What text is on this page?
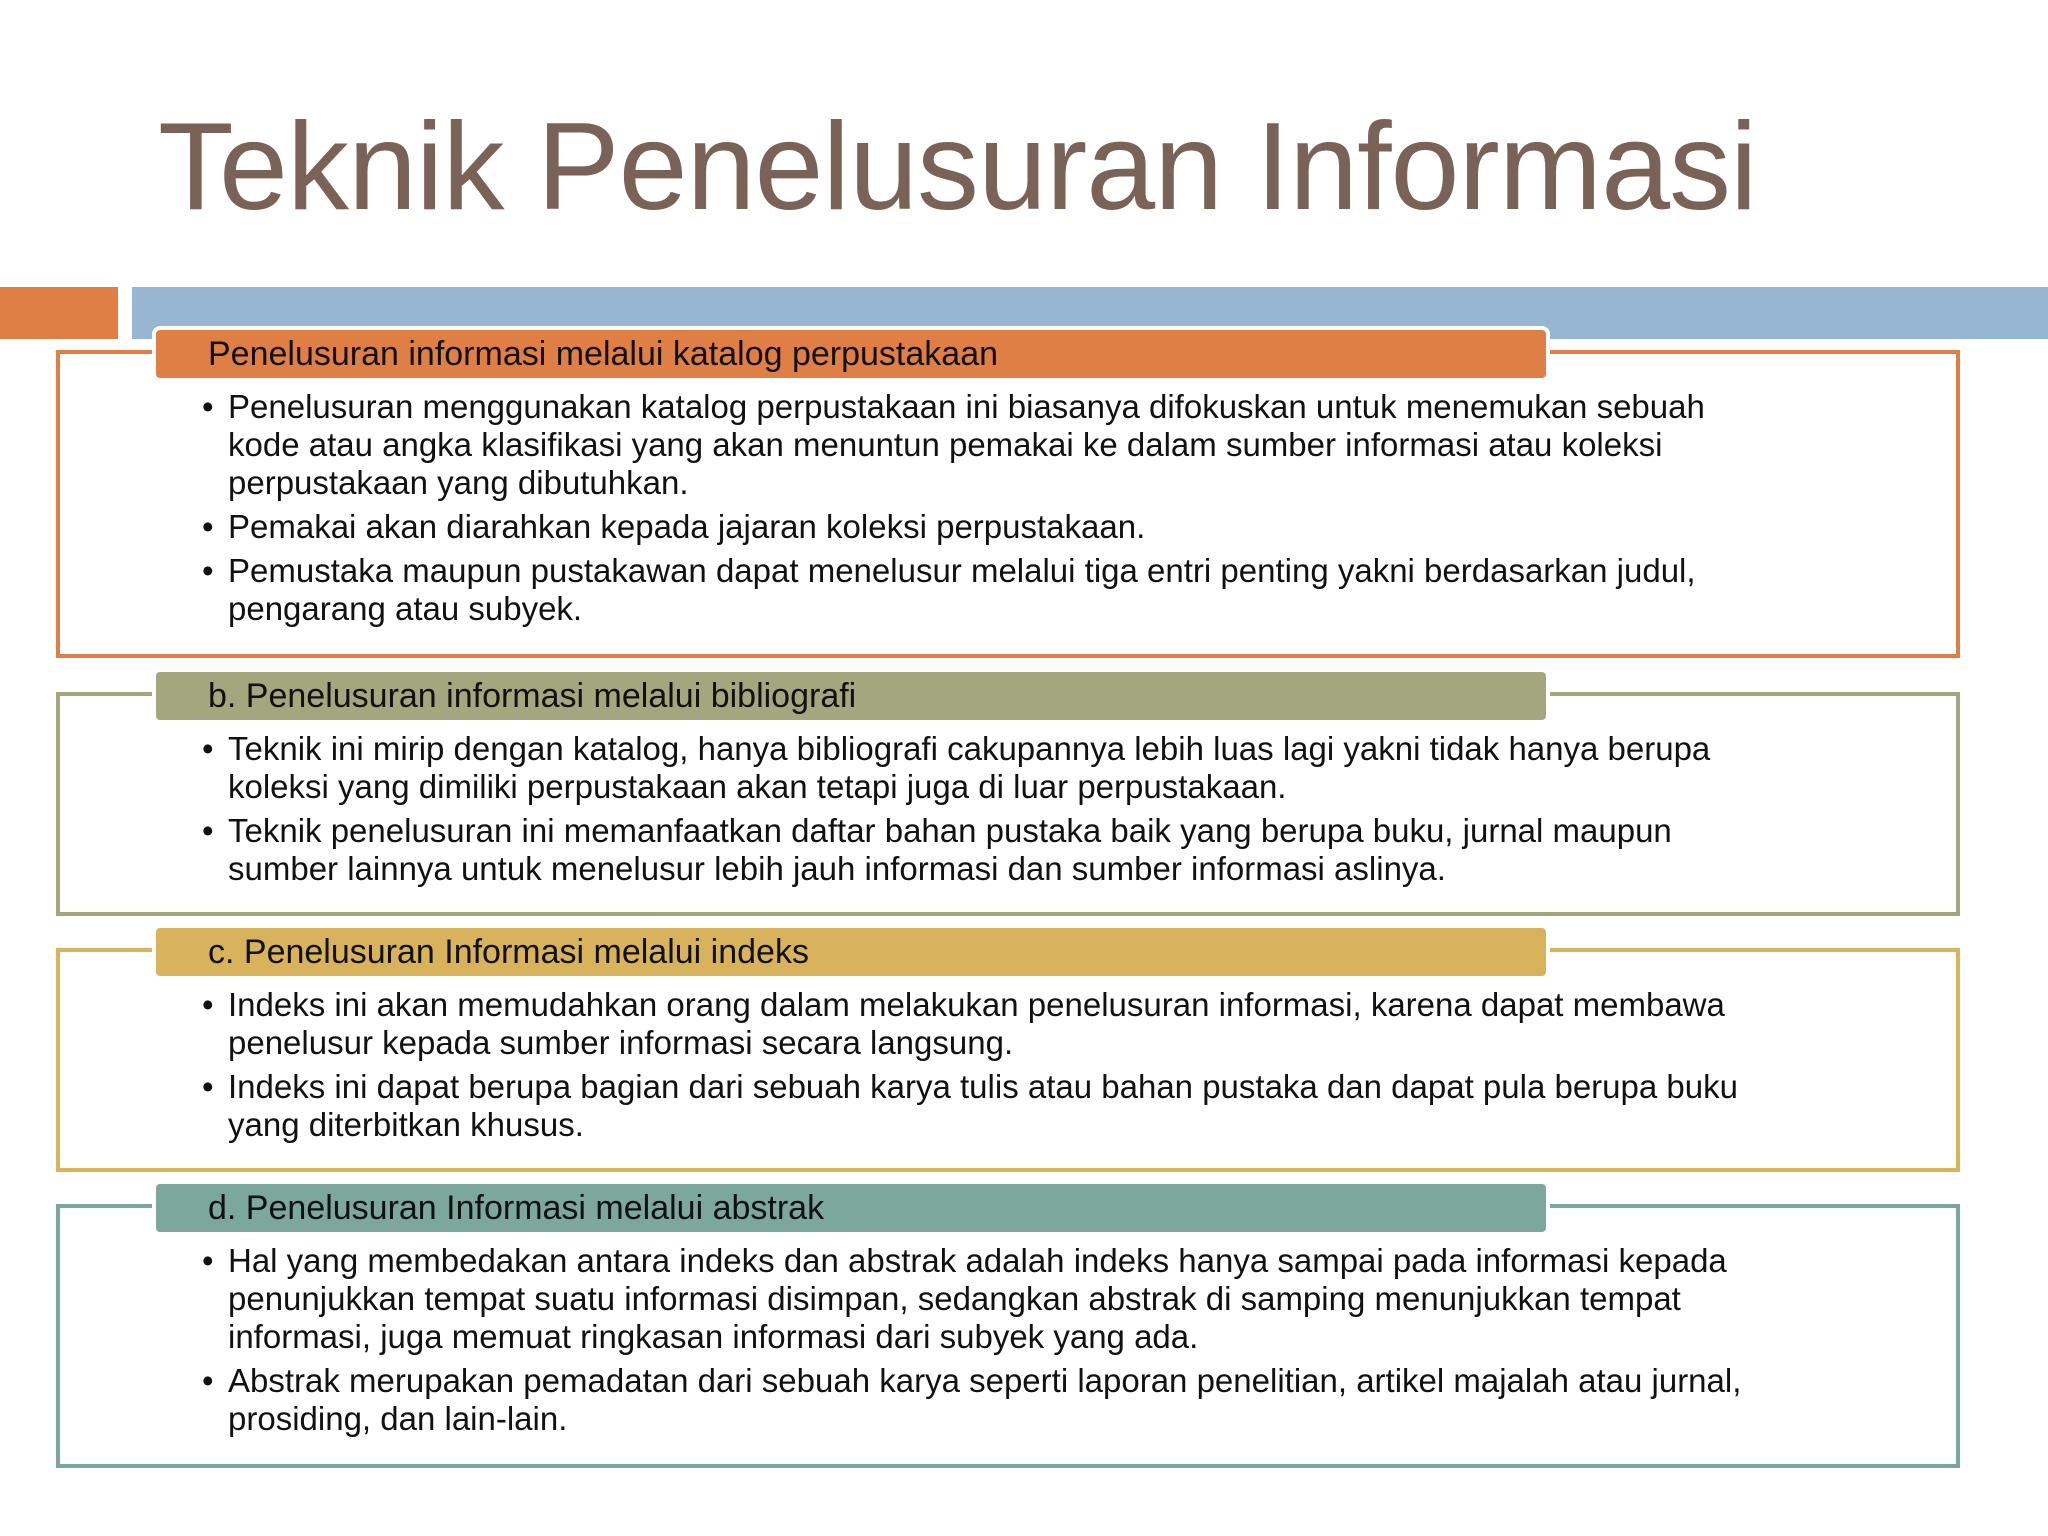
Teknik Penelusuran Informasi
Penelusuran informasi melalui katalog perpustakaan
• Penelusuran menggunakan katalog perpustakaan ini biasanya difokuskan untuk menemukan sebuah kode atau angka klasifikasi yang akan menuntun pemakai ke dalam sumber informasi atau koleksi perpustakaan yang dibutuhkan.
• Pemakai akan diarahkan kepada jajaran koleksi perpustakaan.
• Pemustaka maupun pustakawan dapat menelusur melalui tiga entri penting yakni berdasarkan judul, pengarang atau subyek.
b. Penelusuran informasi melalui bibliografi
• Teknik ini mirip dengan katalog, hanya bibliografi cakupannya lebih luas lagi yakni tidak hanya berupa koleksi yang dimiliki perpustakaan akan tetapi juga di luar perpustakaan.
• Teknik penelusuran ini memanfaatkan daftar bahan pustaka baik yang berupa buku, jurnal maupun sumber lainnya untuk menelusur lebih jauh informasi dan sumber informasi aslinya.
c. Penelusuran Informasi melalui indeks
• Indeks ini akan memudahkan orang dalam melakukan penelusuran informasi, karena dapat membawa penelusur kepada sumber informasi secara langsung.
• Indeks ini dapat berupa bagian dari sebuah karya tulis atau bahan pustaka dan dapat pula berupa buku yang diterbitkan khusus.
d. Penelusuran Informasi melalui abstrak
• Hal yang membedakan antara indeks dan abstrak adalah indeks hanya sampai pada informasi kepada penunjukkan tempat suatu informasi disimpan, sedangkan abstrak di samping menunjukkan tempat informasi, juga memuat ringkasan informasi dari subyek yang ada.
• Abstrak merupakan pemadatan dari sebuah karya seperti laporan penelitian, artikel majalah atau jurnal, prosiding, dan lain-lain.
